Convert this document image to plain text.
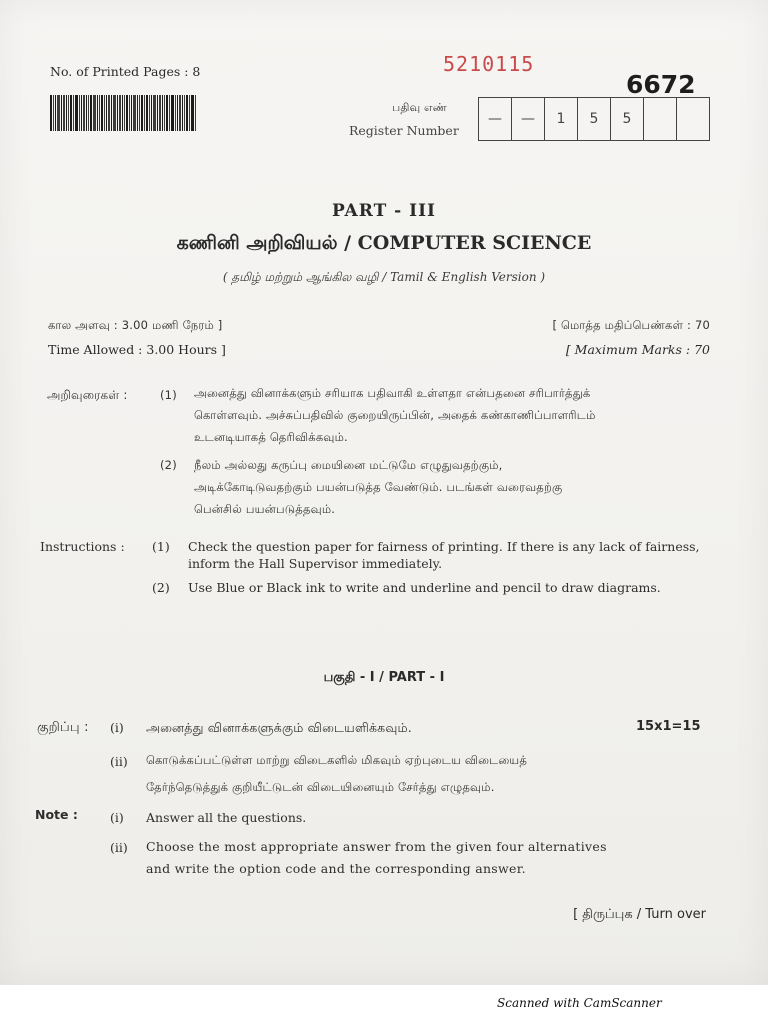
No. of Printed Pages : 8	5210115
6672
பதிவு எண்
Register Number
—	—	1	5	5
PART - III
கணினி அறிவியல் / COMPUTER SCIENCE
( தமிழ் மற்றும் ஆங்கில வழி / Tamil & English Version )
கால அளவு : 3.00 மணி நேரம் ]
Time Allowed : 3.00 Hours ]
[ மொத்த மதிப்பெண்கள் : 70
[ Maximum Marks : 70
அறிவுரைகள் :	(1) அனைத்து வினாக்களும் சரியாக பதிவாகி உள்ளதா என்பதனை சரிபார்த்துக்
கொள்ளவும். அச்சுப்பதிவில் குறையிருப்பின், அதைக் கண்காணிப்பாளரிடம்
உடனடியாகத் தெரிவிக்கவும்.
(2) நீலம் அல்லது கருப்பு மையினை மட்டுமே எழுதுவதற்கும்,
அடிக்கோடிடுவதற்கும் பயன்படுத்த வேண்டும். படங்கள் வரைவதற்கு
பென்சில் பயன்படுத்தவும்.
Instructions : (1) Check the question paper for fairness of printing. If there is any lack of fairness,
inform the Hall Supervisor immediately.
(2) Use Blue or Black ink to write and underline and pencil to draw diagrams.
பகுதி - I / PART - I
குறிப்பு : (i) அனைத்து வினாக்களுக்கும் விடையளிக்கவும்.	15x1=15
(ii) கொடுக்கப்பட்டுள்ள மாற்று விடைகளில் மிகவும் ஏற்புடைய விடையைத்
தேர்ந்தெடுத்துக் குறியீட்டுடன் விடையினையும் சேர்த்து எழுதவும்.
Note :	(i) Answer all the questions.
(ii) Choose the most appropriate answer from the given four alternatives
and write the option code and the corresponding answer.
[ திருப்புக / Turn over
Scanned with CamScanner
